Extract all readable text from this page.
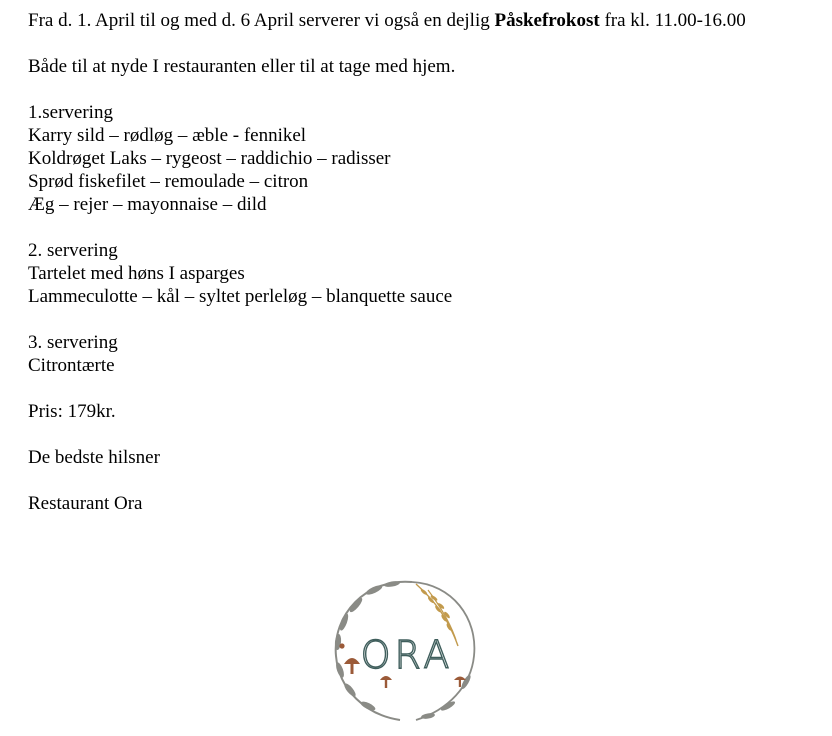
Fra d. 1. April til og med d. 6 April serverer vi også en dejlig Påskefrokost fra kl. 11.00-16.00

Både til at nyde I restauranten eller til at tage med hjem.

1.servering

Karry sild – rødløg – æble - fennikel

Koldrøget Laks – rygeost – raddichio – radisser

Sprød fiskefilet – remoulade – citron

Æg – rejer – mayonnaise – dild

2. servering

Tartelet med høns I asparges

Lammeculotte – kål – syltet perleløg – blanquette sauce

3. servering

Citrontærte

Pris: 179kr.

De bedste hilsner

Restaurant Ora

ORA
